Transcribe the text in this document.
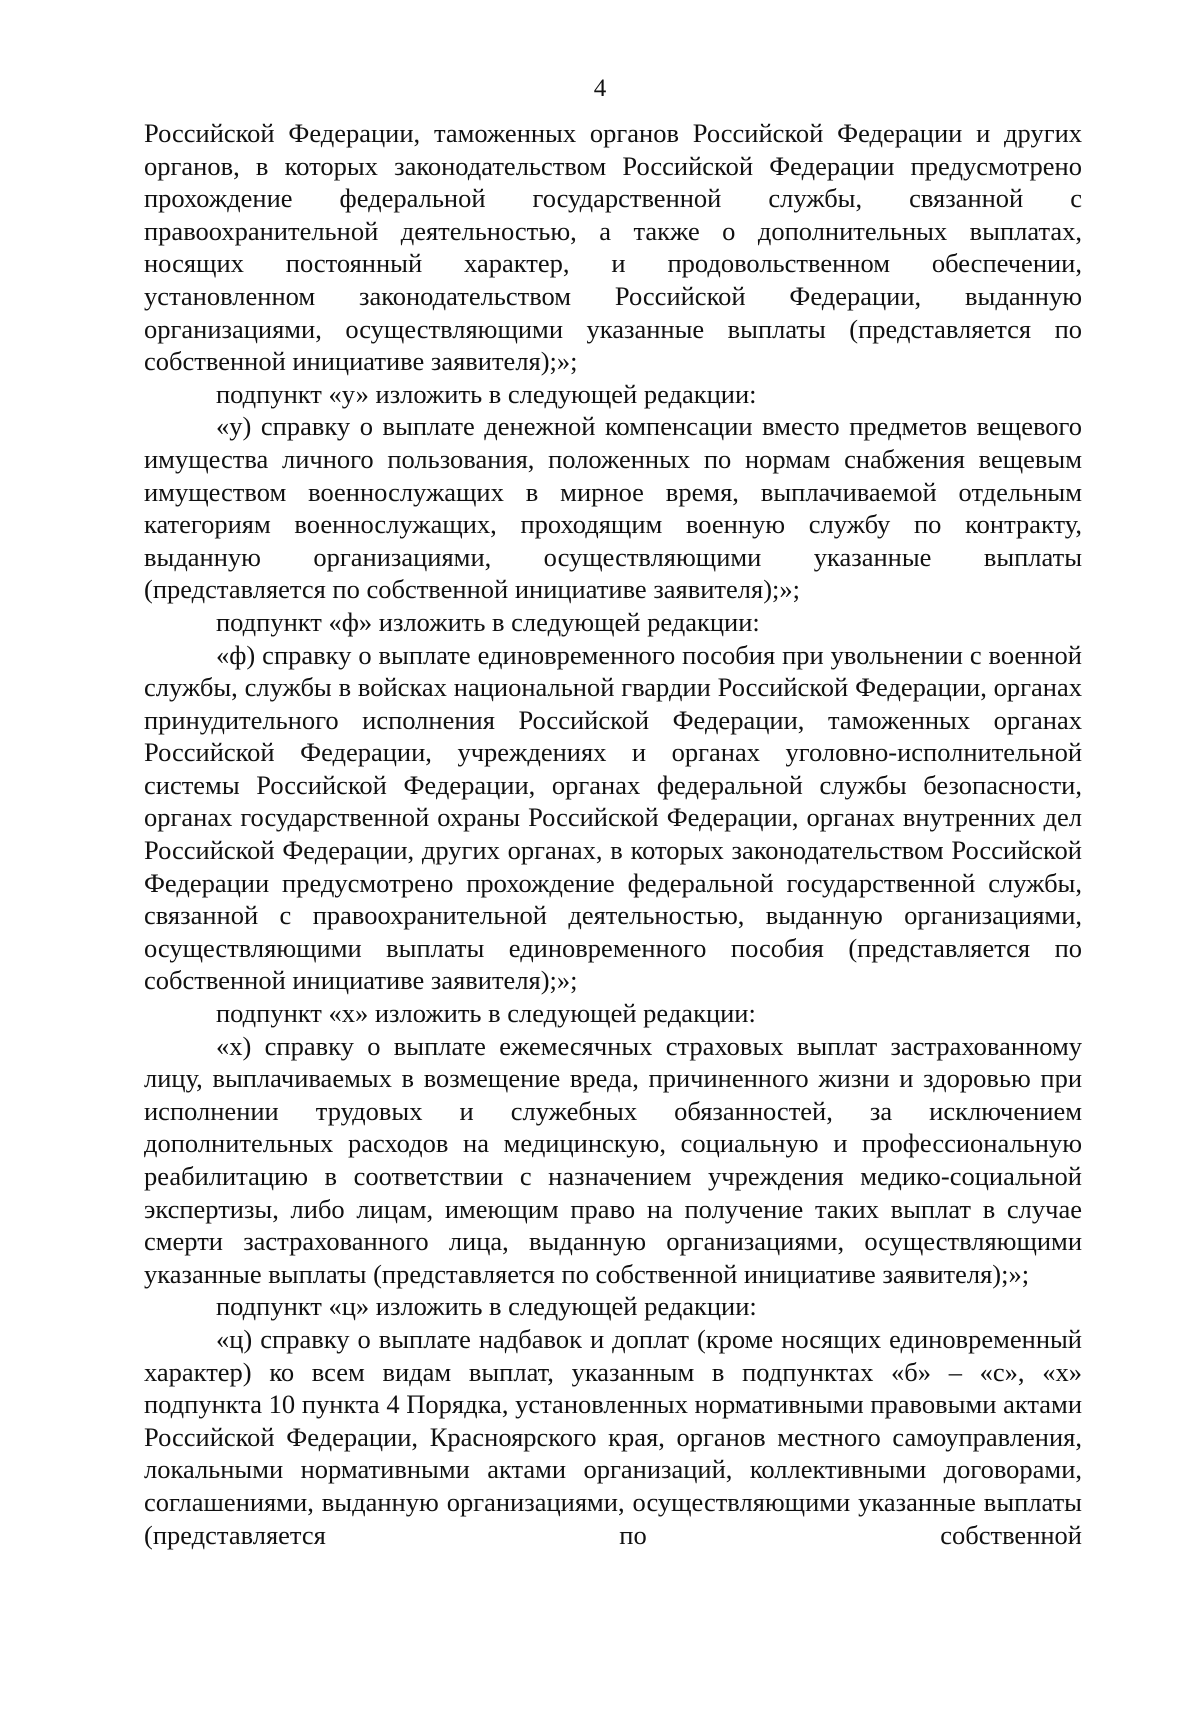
4

Российской Федерации, таможенных органов Российской Федерации и других органов, в которых законодательством Российской Федерации предусмотрено прохождение федеральной государственной службы, связанной с правоохранительной деятельностью, а также о дополнительных выплатах, носящих постоянный характер, и продовольственном обеспечении, установленном законодательством Российской Федерации, выданную организациями, осуществляющими указанные выплаты (представляется по собственной инициативе заявителя);»;

подпункт «у» изложить в следующей редакции:

«у) справку о выплате денежной компенсации вместо предметов вещевого имущества личного пользования, положенных по нормам снабжения вещевым имуществом военнослужащих в мирное время, выплачиваемой отдельным категориям военнослужащих, проходящим военную службу по контракту, выданную организациями, осуществляющими указанные выплаты (представляется по собственной инициативе заявителя);»;

подпункт «ф» изложить в следующей редакции:

«ф) справку о выплате единовременного пособия при увольнении с военной службы, службы в войсках национальной гвардии Российской Федерации, органах принудительного исполнения Российской Федерации, таможенных органах Российской Федерации, учреждениях и органах уголовно-исполнительной системы Российской Федерации, органах федеральной службы безопасности, органах государственной охраны Российской Федерации, органах внутренних дел Российской Федерации, других органах, в которых законодательством Российской Федерации предусмотрено прохождение федеральной государственной службы, связанной с правоохранительной деятельностью, выданную организациями, осуществляющими выплаты единовременного пособия (представляется по собственной инициативе заявителя);»;

подпункт «х» изложить в следующей редакции:

«х) справку о выплате ежемесячных страховых выплат застрахованному лицу, выплачиваемых в возмещение вреда, причиненного жизни и здоровью при исполнении трудовых и служебных обязанностей, за исключением дополнительных расходов на медицинскую, социальную и профессиональную реабилитацию в соответствии с назначением учреждения медико-социальной экспертизы, либо лицам, имеющим право на получение таких выплат в случае смерти застрахованного лица, выданную организациями, осуществляющими указанные выплаты (представляется по собственной инициативе заявителя);»;

подпункт «ц» изложить в следующей редакции:

«ц) справку о выплате надбавок и доплат (кроме носящих единовременный характер) ко всем видам выплат, указанным в подпунктах «б» – «с», «х» подпункта 10 пункта 4 Порядка, установленных нормативными правовыми актами Российской Федерации, Красноярского края, органов местного самоуправления, локальными нормативными актами организаций, коллективными договорами, соглашениями, выданную организациями, осуществляющими указанные выплаты (представляется по собственной
